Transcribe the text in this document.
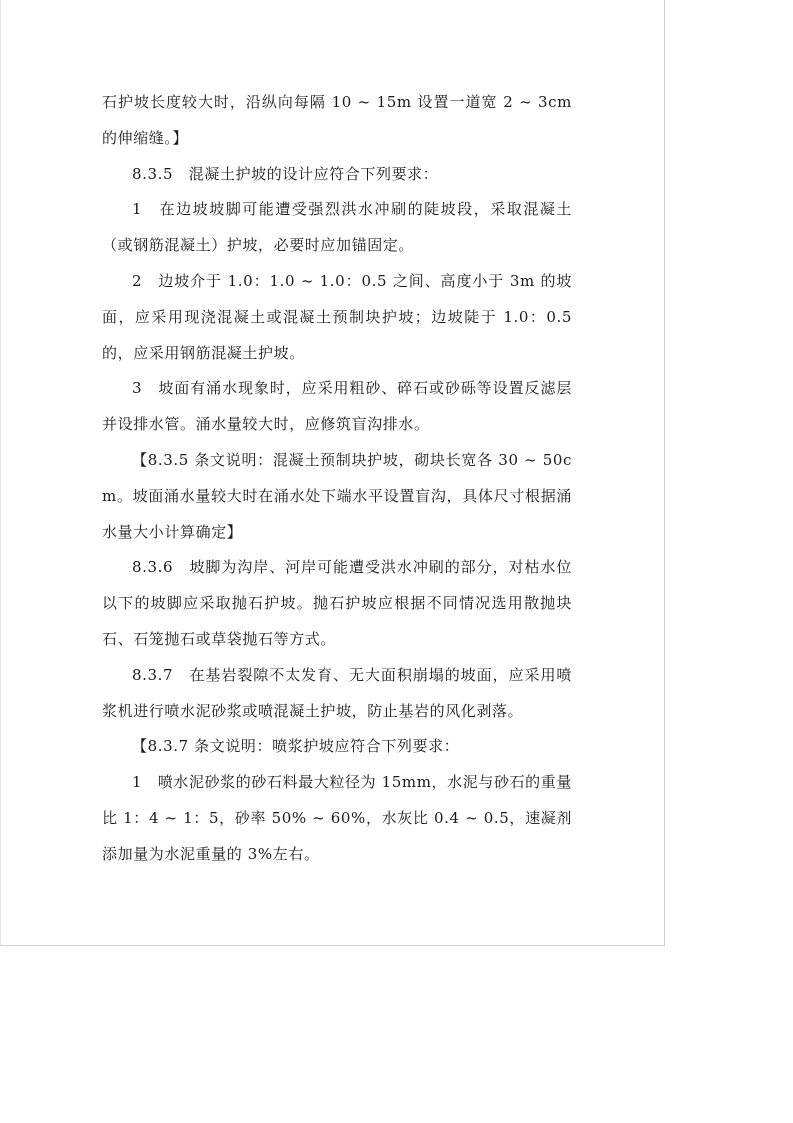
石护坡长度较大时，沿纵向每隔 10 ~ 15m 设置一道宽 2 ~ 3cm 的伸缩缝。】

8.3.5　混凝土护坡的设计应符合下列要求：

1　在边坡坡脚可能遭受强烈洪水冲刷的陡坡段，采取混凝土（或钢筋混凝土）护坡，必要时应加锚固定。

2　边坡介于 1.0：1.0 ~ 1.0：0.5 之间、高度小于 3m 的坡面，应采用现浇混凝土或混凝土预制块护坡；边坡陡于 1.0：0.5 的，应采用钢筋混凝土护坡。

3　坡面有涌水现象时，应采用粗砂、碎石或砂砾等设置反滤层并设排水管。涌水量较大时，应修筑盲沟排水。

【8.3.5 条文说明：混凝土预制块护坡，砌块长宽各 30 ~ 50cm。坡面涌水量较大时在涌水处下端水平设置盲沟，具体尺寸根据涌水量大小计算确定】

8.3.6　坡脚为沟岸、河岸可能遭受洪水冲刷的部分，对枯水位以下的坡脚应采取抛石护坡。抛石护坡应根据不同情况选用散抛块石、石笼抛石或草袋抛石等方式。

8.3.7　在基岩裂隙不太发育、无大面积崩塌的坡面，应采用喷浆机进行喷水泥砂浆或喷混凝土护坡，防止基岩的风化剥落。

【8.3.7 条文说明：喷浆护坡应符合下列要求：

1　喷水泥砂浆的砂石料最大粒径为 15mm，水泥与砂石的重量比 1：4 ~ 1：5，砂率 50% ~ 60%，水灰比 0.4 ~ 0.5，速凝剂添加量为水泥重量的 3%左右。
